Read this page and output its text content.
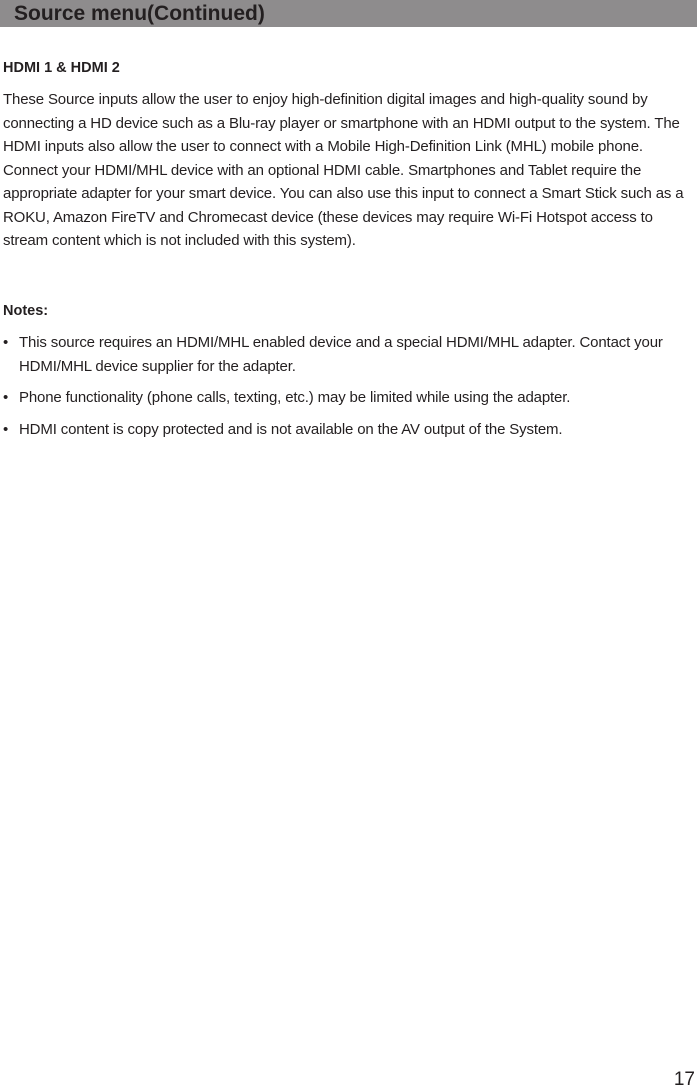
Source menu(Continued)
HDMI 1 & HDMI 2

These Source inputs allow the user to enjoy high-definition digital images and high-quality sound by connecting a HD device such as a Blu-ray player or smartphone with an HDMI output to the system. The HDMI inputs also allow the user to connect with a Mobile High-Definition Link (MHL) mobile phone. Connect your HDMI/MHL device with an optional HDMI cable. Smartphones and Tablet require the appropriate adapter for your smart device. You can also use this input to connect a Smart Stick such as a ROKU, Amazon FireTV and Chromecast device (these devices may require Wi-Fi Hotspot access to stream content which is not included with this system).

Notes:
• This source requires an HDMI/MHL enabled device and a special HDMI/MHL adapter. Contact your HDMI/MHL device supplier for the adapter.
• Phone functionality (phone calls, texting, etc.) may be limited while using the adapter.
• HDMI content is copy protected and is not available on the AV output of the System.
17
